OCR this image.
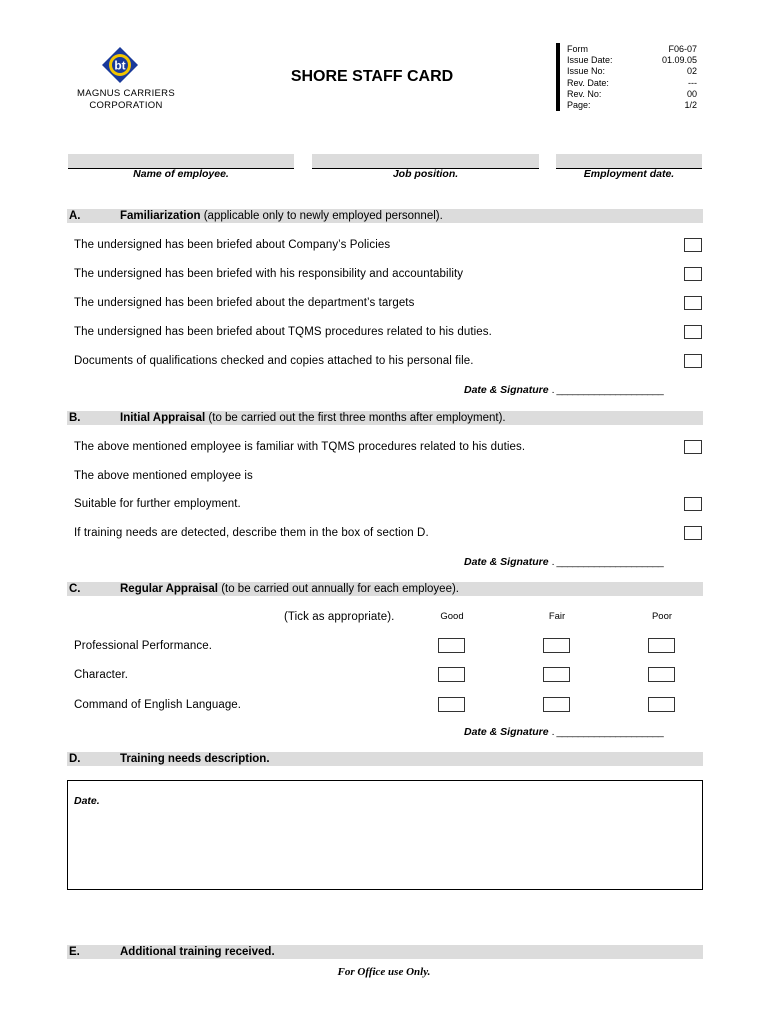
bt
MAGNUS CARRIERS
CORPORATION
SHORE STAFF CARD
Form	F06-07
Issue Date:	01.09.05
Issue No:	02
Rev. Date:	---
Rev. No:	00
Page:	1/2
Name of employee.	Job position.	Employment date.
A.	Familiarization (applicable only to newly employed personnel).
The undersigned has been briefed about Company’s Policies
The undersigned has been briefed with his responsibility and accountability
The undersigned has been briefed about the department’s targets
The undersigned has been briefed about TQMS procedures related to his duties.
Documents of qualifications checked and copies attached to his personal file.
Date & Signature . ____________________
B.	Initial Appraisal (to be carried out the first three months after employment).
The above mentioned employee is familiar with TQMS procedures related to his duties.
The above mentioned employee is
Suitable for further employment.
If training needs are detected, describe them in the box of section D.
Date & Signature . ____________________
C.	Regular Appraisal (to be carried out annually for each employee).
(Tick as appropriate).	Good	Fair	Poor
Professional Performance.
Character.
Command of English Language.
Date & Signature . ____________________
D.	Training needs description.
Date.
E.	Additional training received.
For Office use Only.
